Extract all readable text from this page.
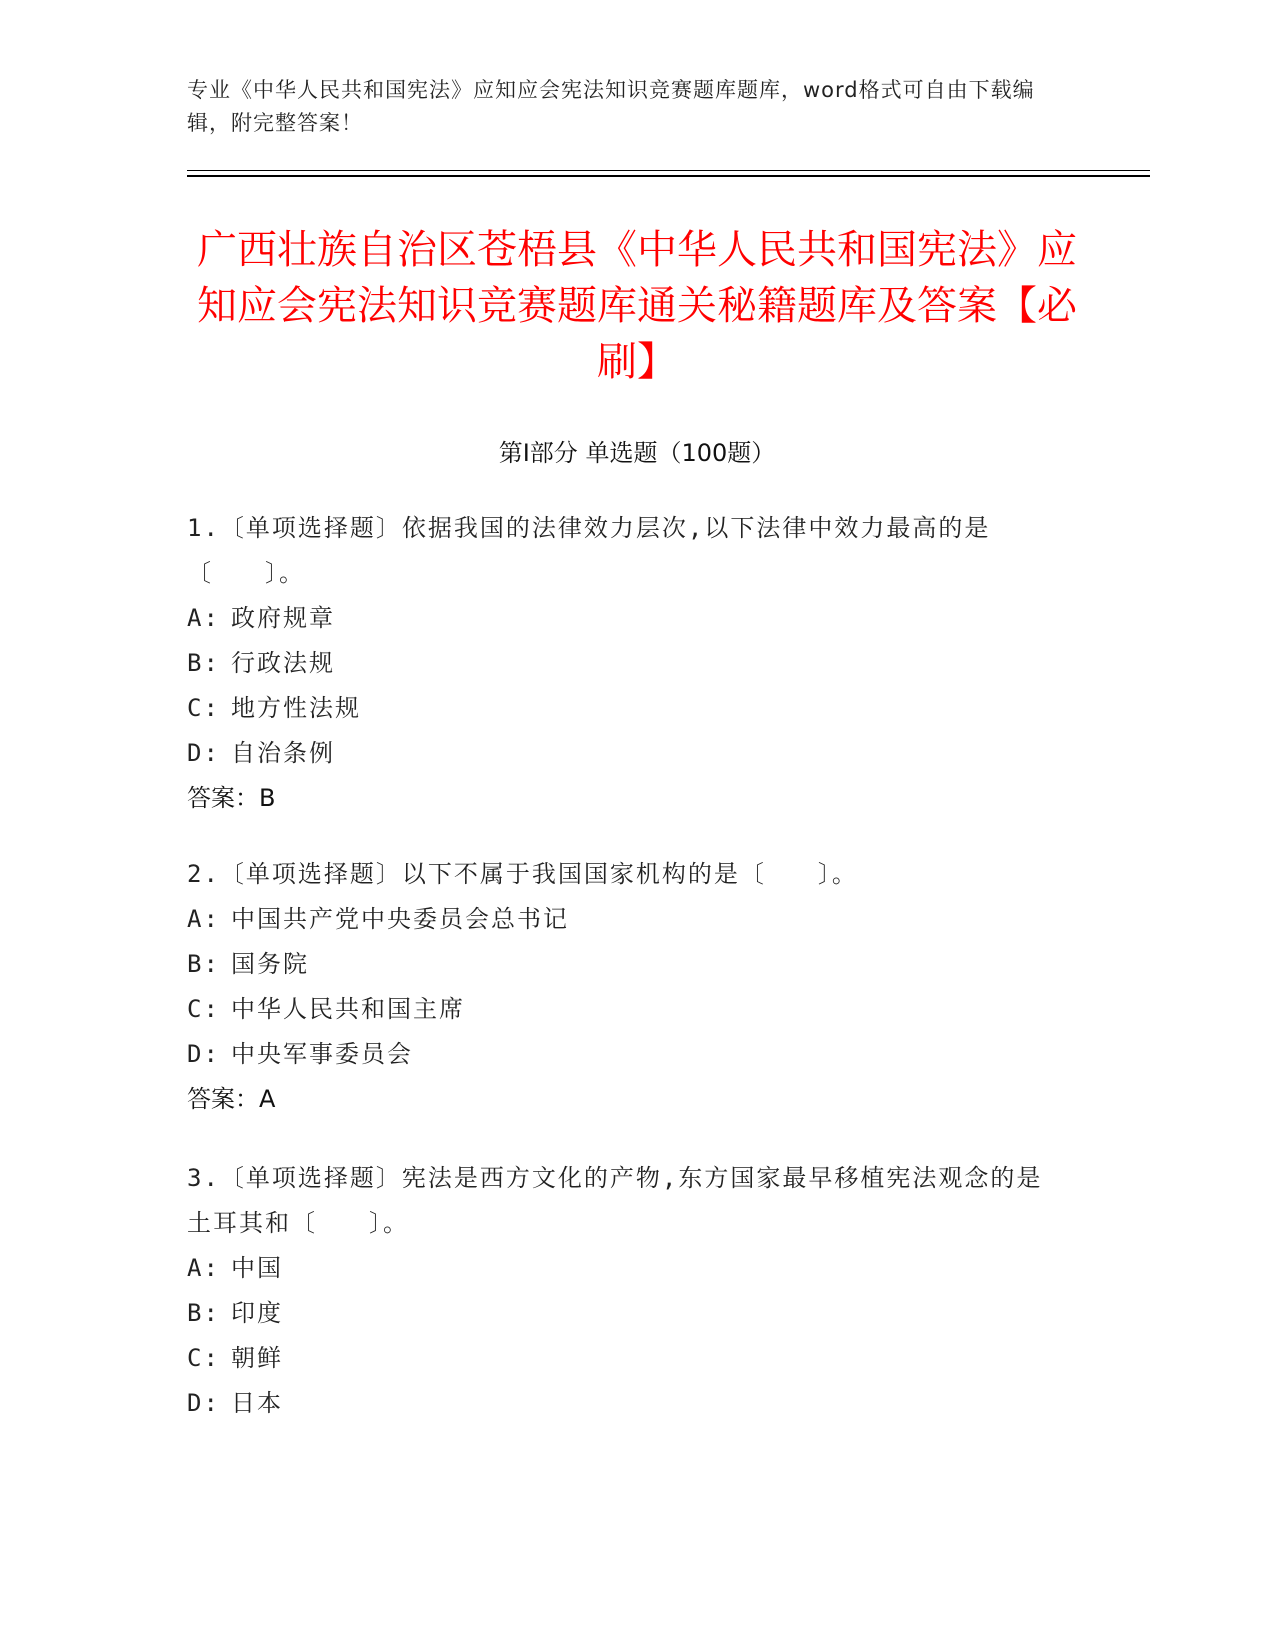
专业《中华人民共和国宪法》应知应会宪法知识竞赛题库题库，word格式可自由下载编辑，附完整答案！
广西壮族自治区苍梧县《中华人民共和国宪法》应知应会宪法知识竞赛题库通关秘籍题库及答案【必刷】
第Ⅰ部分 单选题（100题）
1.〔单项选择题〕依据我国的法律效力层次,以下法律中效力最高的是〔　　〕。
A: 政府规章
B: 行政法规
C: 地方性法规
D: 自治条例
答案：B
2.〔单项选择题〕以下不属于我国国家机构的是〔　　〕。
A: 中国共产党中央委员会总书记
B: 国务院
C: 中华人民共和国主席
D: 中央军事委员会
答案：A
3.〔单项选择题〕宪法是西方文化的产物,东方国家最早移植宪法观念的是土耳其和〔　　〕。
A: 中国
B: 印度
C: 朝鲜
D: 日本
